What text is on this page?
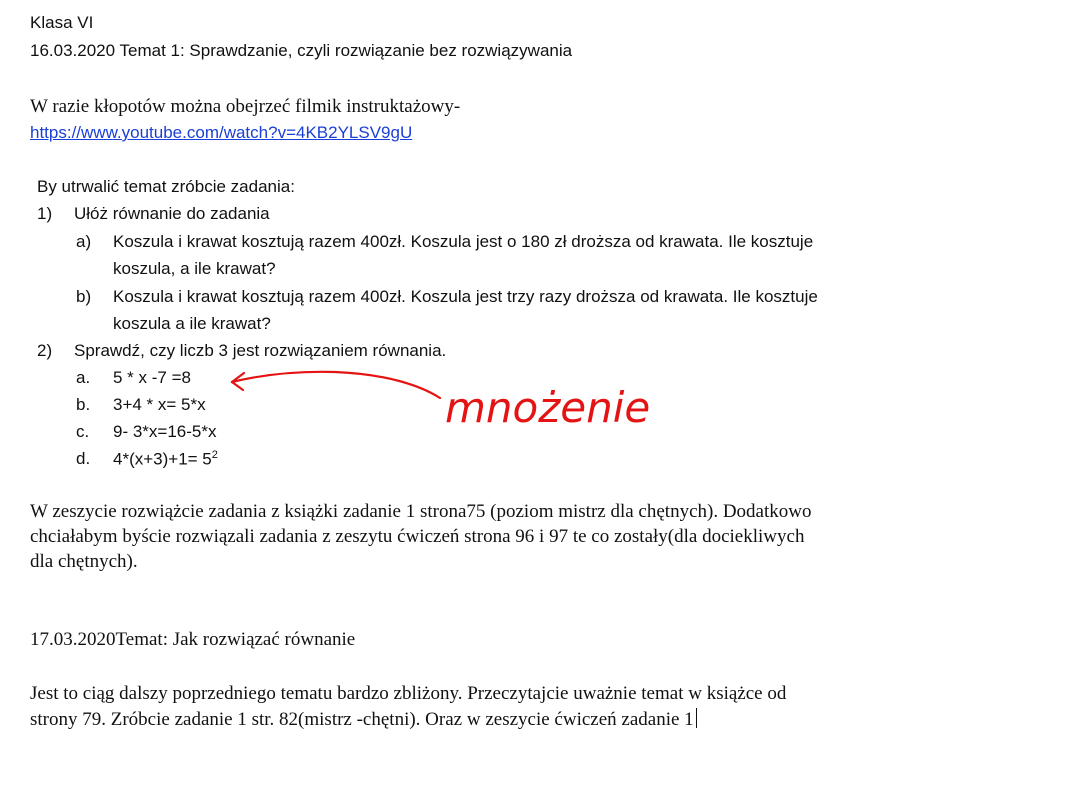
Klasa VI
16.03.2020 Temat 1: Sprawdzanie, czyli rozwiązanie bez rozwiązywania
W razie kłopotów można obejrzeć filmik instruktażowy-
https://www.youtube.com/watch?v=4KB2YLSV9gU
By utrwalić temat zróbcie zadania:
1) Ułóż równanie do zadania
a) Koszula i krawat kosztują razem 400zł. Koszula jest o 180 zł droższa od krawata. Ile kosztuje
koszula, a ile krawat?
b) Koszula i krawat kosztują razem 400zł. Koszula jest trzy razy droższa od krawata. Ile kosztuje
koszula a ile krawat?
2) Sprawdź, czy liczb 3 jest rozwiązaniem równania.
a. 5 * x -7 =8
b. 3+4 * x= 5*x
c. 9- 3*x=16-5*x
d. $4*(x+3)+1= 5^2$
mnożenie
W zeszycie rozwiążcie zadania z książki zadanie 1 strona75 (poziom mistrz dla chętnych). Dodatkowo
chciałabym byście rozwiązali zadania z zeszytu ćwiczeń strona 96 i 97 te co zostały(dla dociekliwych
dla chętnych).
17.03.2020Temat: Jak rozwiązać równanie
Jest to ciąg dalszy poprzedniego tematu bardzo zbliżony. Przeczytajcie uważnie temat w książce od
strony 79. Zróbcie zadanie 1 str. 82(mistrz -chętni). Oraz w zeszycie ćwiczeń zadanie 1
